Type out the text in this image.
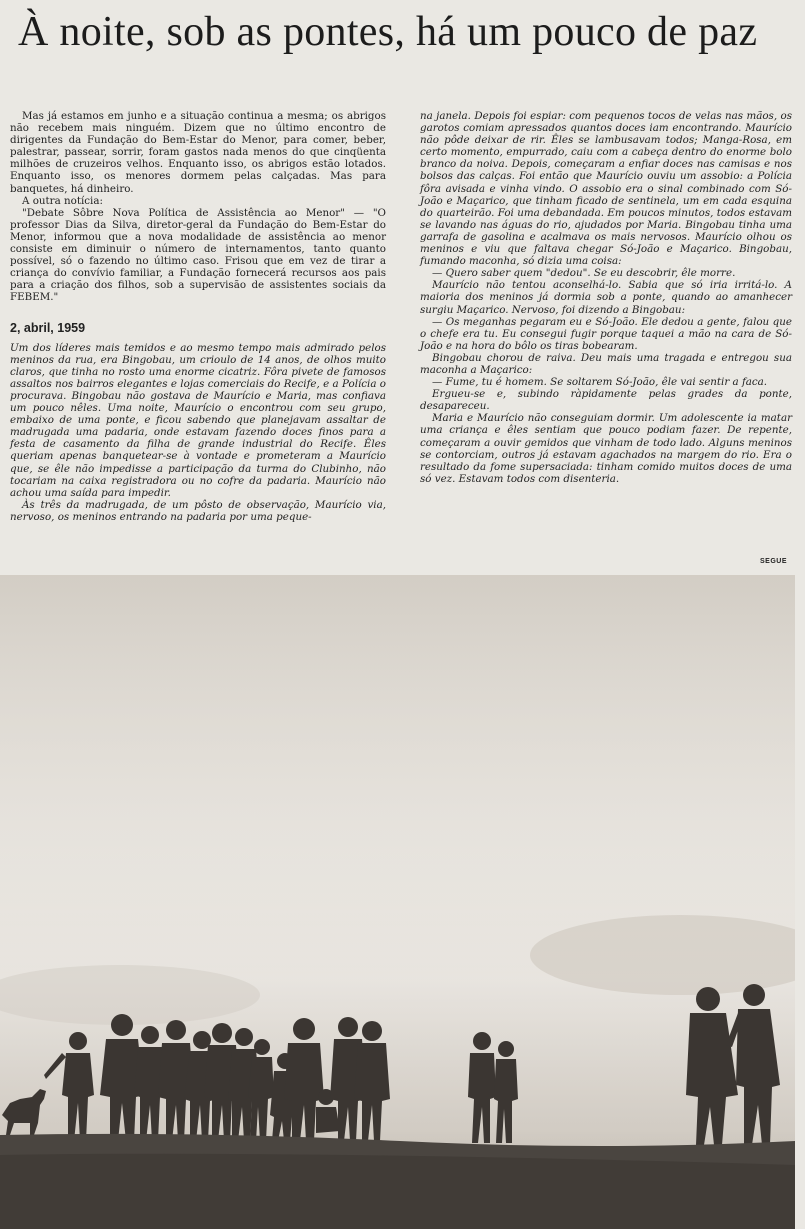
À noite, sob as pontes, há um pouco de paz

Mas já estamos em junho e a situação continua a mesma; os abrigos não recebem mais ninguém. Dizem que no último encontro de dirigentes da Fundação do Bem-Estar do Menor, para comer, beber, palestrar, passear, sorrir, foram gastos nada menos do que cinqüenta milhões de cruzeiros velhos. Enquanto isso, os abrigos estão lotados. Enquanto isso, os menores dormem pelas calçadas. Mas para banquetes, há dinheiro.

A outra notícia:

"Debate Sôbre Nova Política de Assistência ao Menor" — "O professor Dias da Silva, diretor-geral da Fundação do Bem-Estar do Menor, informou que a nova modalidade de assistência ao menor consiste em diminuir o número de internamentos, tanto quanto possível, só o fazendo no último caso. Frisou que em vez de tirar a criança do convívio familiar, a Fundação fornecerá recursos aos pais para a criação dos filhos, sob a supervisão de assistentes sociais da FEBEM."

2, abril, 1959

Um dos líderes mais temidos e ao mesmo tempo mais admirado pelos meninos da rua, era Bingobau, um crioulo de 14 anos, de olhos muito claros, que tinha no rosto uma enorme cicatriz. Fôra pivete de famosos assaltos nos bairros elegantes e lojas comerciais do Recife, e a Polícia o procurava. Bingobau não gostava de Maurício e Maria, mas confiava um pouco nêles. Uma noite, Maurício o encontrou com seu grupo, embaixo de uma ponte, e ficou sabendo que planejavam assaltar de madrugada uma padaria, onde estavam fazendo doces finos para a festa de casamento da filha de grande industrial do Recife. Êles queriam apenas banquetear-se à vontade e prometeram a Maurício que, se êle não impedisse a participação da turma do Clubinho, não tocariam na caixa registradora ou no cofre da padaria. Maurício não achou uma saída para impedir.

Às três da madrugada, de um pôsto de observação, Maurício via, nervoso, os meninos entrando na padaria por uma peque-

na janela. Depois foi espiar: com pequenos tocos de velas nas mãos, os garotos comiam apressados quantos doces iam encontrando. Maurício não pôde deixar de rir. Êles se lambusavam todos; Manga-Rosa, em certo momento, empurrado, caiu com a cabeça dentro do enorme bolo branco da noiva. Depois, começaram a enfiar doces nas camisas e nos bolsos das calças. Foi então que Maurício ouviu um assobio: a Polícia fôra avisada e vinha vindo. O assobio era o sinal combinado com Só-João e Maçarico, que tinham ficado de sentinela, um em cada esquina do quarteirão. Foi uma debandada. Em poucos minutos, todos estavam se lavando nas águas do rio, ajudados por Maria. Bingobau tinha uma garrafa de gasolina e acalmava os mais nervosos. Maurício olhou os meninos e viu que faltava chegar Só-João e Maçarico. Bingobau, fumando maconha, só dizia uma coisa:

— Quero saber quem "dedou". Se eu descobrir, êle morre.

Maurício não tentou aconselhá-lo. Sabia que só iria irritá-lo. A maioria dos meninos já dormia sob a ponte, quando ao amanhecer surgiu Maçarico. Nervoso, foi dizendo a Bingobau:

— Os meganhas pegaram eu e Só-João. Ele dedou a gente, falou que o chefe era tu. Eu consegui fugir porque taquei a mão na cara de Só-João e na hora do bôlo os tiras bobearam.

Bingobau chorou de raiva. Deu mais uma tragada e entregou sua maconha a Maçarico:

— Fume, tu é homem. Se soltarem Só-João, êle vai sentir a faca.

Ergueu-se e, subindo ràpidamente pelas grades da ponte, desapareceu.

Maria e Maurício não conseguiam dormir. Um adolescente ia matar uma criança e êles sentiam que pouco podiam fazer. De repente, começaram a ouvir gemidos que vinham de todo lado. Alguns meninos se contorciam, outros já estavam agachados na margem do rio. Era o resultado da fome supersaciada: tinham comido muitos doces de uma só vez. Estavam todos com disenteria.

SEGUE
